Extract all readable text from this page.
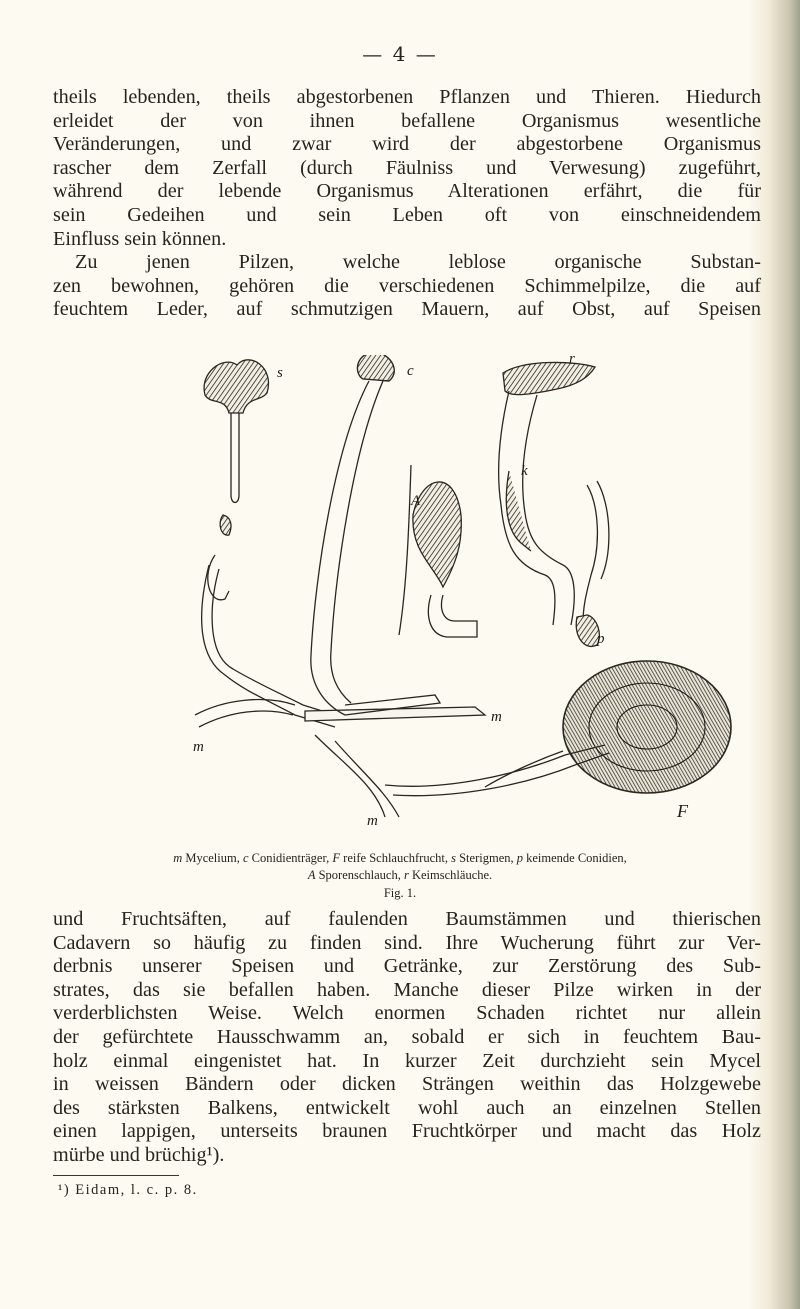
— 4 —
theils lebenden, theils abgestorbenen Pflanzen und Thieren. Hiedurch
erleidet der von ihnen befallene Organismus wesentliche
Veränderungen, und zwar wird der abgestorbene Organismus
rascher dem Zerfall (durch Fäulniss und Verwesung) zugeführt,
während der lebende Organismus Alterationen erfährt, die für
sein Gedeihen und sein Leben oft von einschneidendem
Einfluss sein können.
Zu jenen Pilzen, welche leblose organische Substan-
zen bewohnen, gehören die verschiedenen Schimmelpilze, die auf
feuchtem Leder, auf schmutzigen Mauern, auf Obst, auf Speisen
s	c
r
k
A
p
m
m
m	F
m Mycelium, c Conidienträger, F reife Schlauchfrucht, s Sterigmen, p keimende Conidien,
A Sporenschlauch, r Keimschläuche.
Fig. 1.
und Fruchtsäften, auf faulenden Baumstämmen und thierischen
Cadavern so häufig zu finden sind. Ihre Wucherung führt zur Ver-
derbnis unserer Speisen und Getränke, zur Zerstörung des Sub-
strates, das sie befallen haben. Manche dieser Pilze wirken in der
verderblichsten Weise. Welch enormen Schaden richtet nur allein
der gefürchtete Hausschwamm an, sobald er sich in feuchtem Bau-
holz einmal eingenistet hat. In kurzer Zeit durchzieht sein Mycel
in weissen Bändern oder dicken Strängen weithin das Holzgewebe
des stärksten Balkens, entwickelt wohl auch an einzelnen Stellen
einen lappigen, unterseits braunen Fruchtkörper und macht das Holz
mürbe und brüchig¹).
¹) Eidam, l. c. p. 8.
